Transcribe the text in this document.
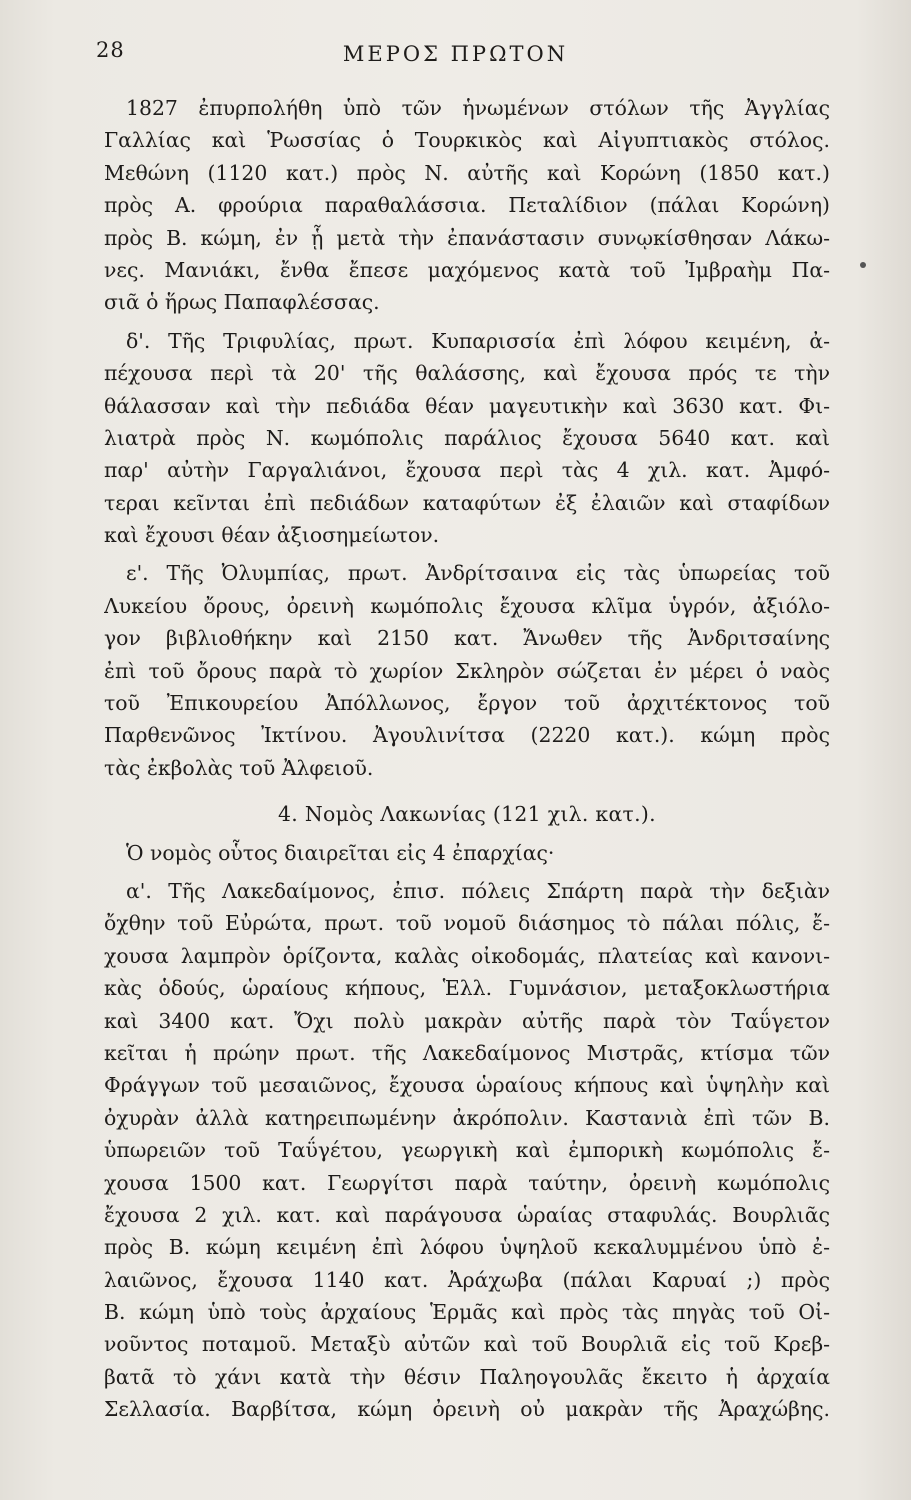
28	ΜΕΡΟΣ ΠΡΩΤΟΝ
1827 ἐπυρπολήθη ὑπὸ τῶν ἡνωμένων στόλων τῆς Ἀγγλίας
Γαλλίας καὶ Ῥωσσίας ὁ Τουρκικὸς καὶ Αἰγυπτιακὸς στόλος.
Μεθώνη (1120 κατ.) πρὸς Ν. αὐτῆς καὶ Κορώνη (1850 κατ.)
πρὸς Α. φρούρια παραθαλάσσια. Πεταλίδιον (πάλαι Κορώνη)
πρὸς Β. κώμη, ἐν ᾗ μετὰ τὴν ἐπανάστασιν συνῳκίσθησαν Λάκω-
νες. Μανιάκι, ἔνθα ἔπεσε μαχόμενος κατὰ τοῦ Ἰμβραὴμ Πα-
σιᾶ ὁ ἥρως Παπαφλέσσας.
δ'. Τῆς Τριφυλίας, πρωτ. Κυπαρισσία ἐπὶ λόφου κειμένη, ἀ-
πέχουσα περὶ τὰ 20' τῆς θαλάσσης, καὶ ἔχουσα πρός τε τὴν
θάλασσαν καὶ τὴν πεδιάδα θέαν μαγευτικὴν καὶ 3630 κατ. Φι-
λιατρὰ πρὸς Ν. κωμόπολις παράλιος ἔχουσα 5640 κατ. καὶ
παρ' αὐτὴν Γαργαλιάνοι, ἔχουσα περὶ τὰς 4 χιλ. κατ. Ἀμφό-
τεραι κεῖνται ἐπὶ πεδιάδων καταφύτων ἐξ ἐλαιῶν καὶ σταφίδων
καὶ ἔχουσι θέαν ἀξιοσημείωτον.
ε'. Τῆς Ὀλυμπίας, πρωτ. Ἀνδρίτσαινα εἰς τὰς ὑπωρείας τοῦ
Λυκείου ὄρους, ὀρεινὴ κωμόπολις ἔχουσα κλῖμα ὑγρόν, ἀξιόλο-
γον βιβλιοθήκην καὶ 2150 κατ. Ἄνωθεν τῆς Ἀνδριτσαίνης
ἐπὶ τοῦ ὄρους παρὰ τὸ χωρίον Σκληρὸν σώζεται ἐν μέρει ὁ ναὸς
τοῦ Ἐπικουρείου Ἀπόλλωνος, ἔργον τοῦ ἀρχιτέκτονος τοῦ
Παρθενῶνος Ἰκτίνου. Ἀγουλινίτσα (2220 κατ.). κώμη πρὸς
τὰς ἐκβολὰς τοῦ Ἀλφειοῦ.
4. Νομὸς Λακωνίας (121 χιλ. κατ.).
Ὁ νομὸς οὗτος διαιρεῖται εἰς 4 ἐπαρχίας·
α'. Τῆς Λακεδαίμονος, ἐπισ. πόλεις Σπάρτη παρὰ τὴν δεξιὰν
ὄχθην τοῦ Εὐρώτα, πρωτ. τοῦ νομοῦ διάσημος τὸ πάλαι πόλις, ἔ-
χουσα λαμπρὸν ὁρίζοντα, καλὰς οἰκοδομάς, πλατείας καὶ κανονι-
κὰς ὁδούς, ὡραίους κήπους, Ἑλλ. Γυμνάσιον, μεταξοκλωστήρια
καὶ 3400 κατ. Ὄχι πολὺ μακρὰν αὐτῆς παρὰ τὸν Ταΰγετον
κεῖται ἡ πρώην πρωτ. τῆς Λακεδαίμονος Μιστρᾶς, κτίσμα τῶν
Φράγγων τοῦ μεσαιῶνος, ἔχουσα ὡραίους κήπους καὶ ὑψηλὴν καὶ
ὀχυρὰν ἀλλὰ κατηρειπωμένην ἀκρόπολιν. Καστανιὰ ἐπὶ τῶν Β.
ὑπωρειῶν τοῦ Ταΰγέτου, γεωργικὴ καὶ ἐμπορικὴ κωμόπολις ἔ-
χουσα 1500 κατ. Γεωργίτσι παρὰ ταύτην, ὀρεινὴ κωμόπολις
ἔχουσα 2 χιλ. κατ. καὶ παράγουσα ὡραίας σταφυλάς. Βουρλιᾶς
πρὸς Β. κώμη κειμένη ἐπὶ λόφου ὑψηλοῦ κεκαλυμμένου ὑπὸ ἐ-
λαιῶνος, ἔχουσα 1140 κατ. Ἀράχωβα (πάλαι Καρυαί ;) πρὸς
Β. κώμη ὑπὸ τοὺς ἀρχαίους Ἑρμᾶς καὶ πρὸς τὰς πηγὰς τοῦ Οἰ-
νοῦντος ποταμοῦ. Μεταξὺ αὐτῶν καὶ τοῦ Βουρλιᾶ εἰς τοῦ Κρεβ-
βατᾶ τὸ χάνι κατὰ τὴν θέσιν Παληογουλᾶς ἔκειτο ἡ ἀρχαία
Σελλασία. Βαρβίτσα, κώμη ὀρεινὴ οὐ μακρὰν τῆς Ἀραχώβης.
